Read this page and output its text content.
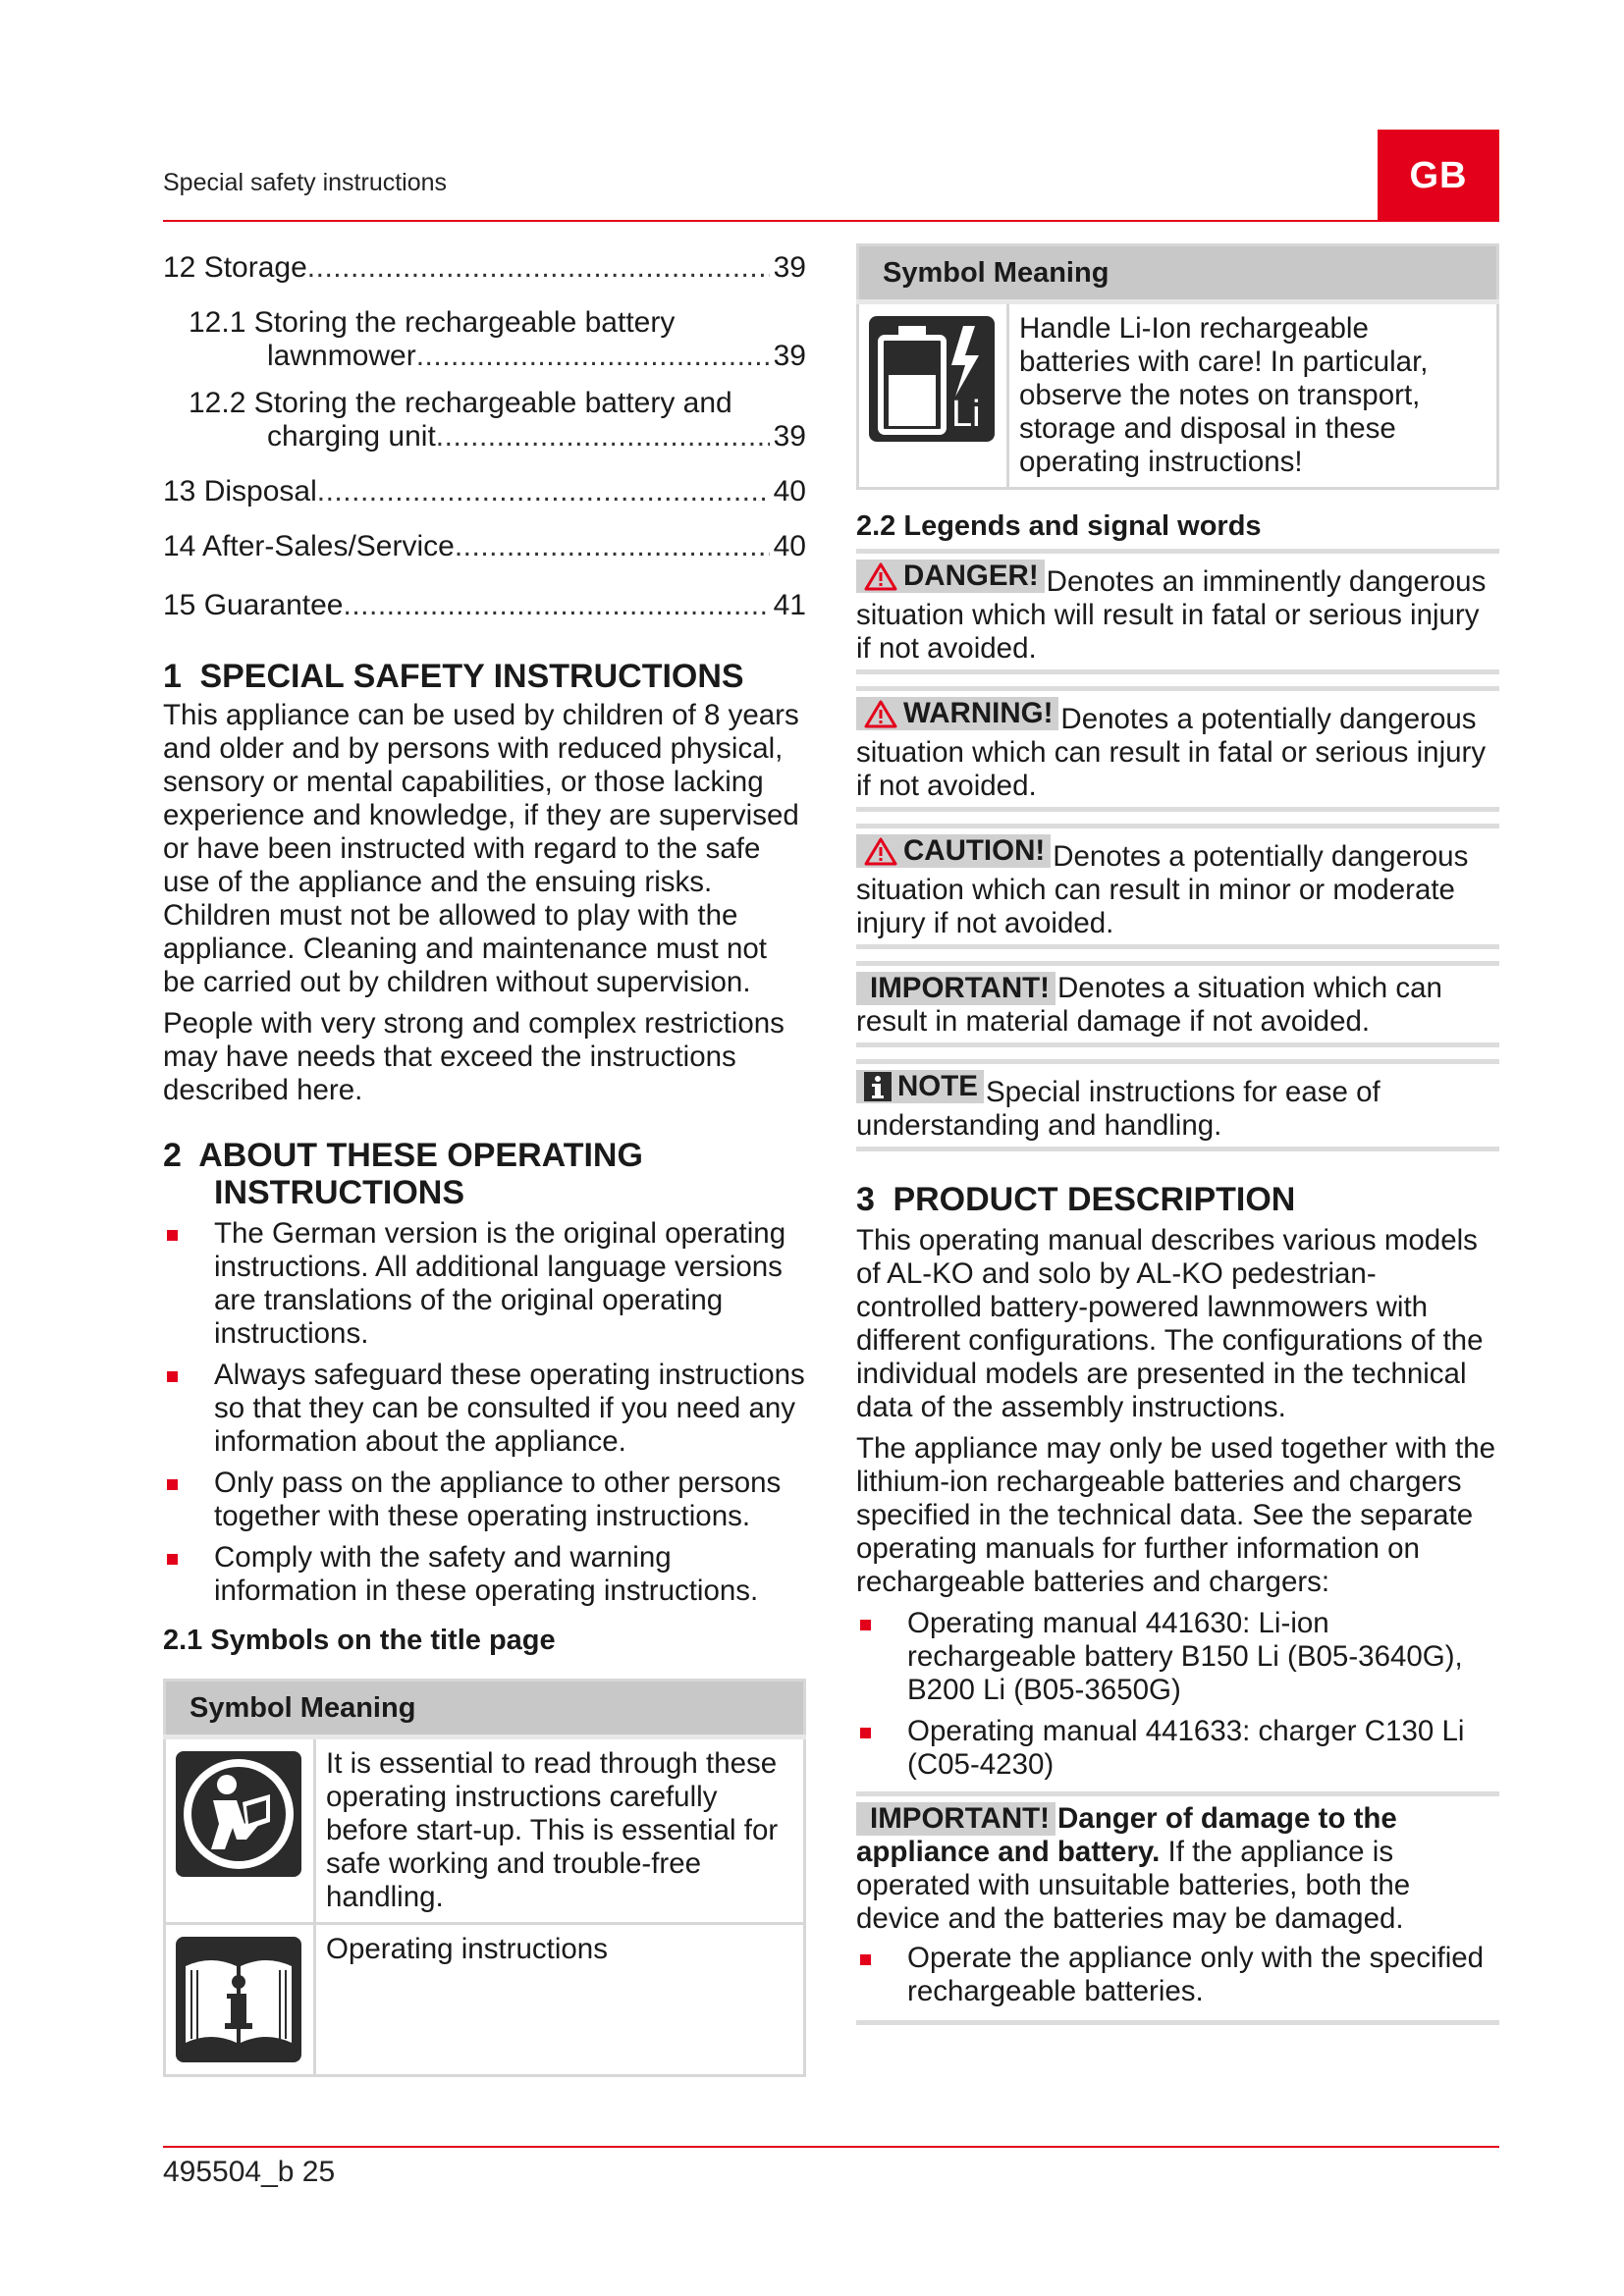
Special safety instructions	GB
12 Storage .....	39
12.1 Storing the rechargeable battery
lawnmower .....	39
12.2 Storing the rechargeable battery and
charging unit .....	39
13 Disposal .....	40
14 After-Sales/Service .....	40
15 Guarantee .....	41
1 SPECIAL SAFETY INSTRUCTIONS

This appliance can be used by children of 8 years and older and by persons with reduced physical, sensory or mental capabilities, or those lacking experience and knowledge, if they are supervised or have been instructed with regard to the safe use of the appliance and the ensuing risks. Children must not be allowed to play with the appliance. Cleaning and maintenance must not be carried out by children without supervision.

People with very strong and complex restrictions may have needs that exceed the instructions described here.

2 ABOUT THESE OPERATING
INSTRUCTIONS
The German version is the original operating instructions. All additional language versions are translations of the original operating instructions.
Always safeguard these operating instructions so that they can be consulted if you need any information about the appliance.
Only pass on the appliance to other persons together with these operating instructions.
Comply with the safety and warning information in these operating instructions.
2.1 Symbols on the title page
Symbol Meaning	

	It is essential to read through these operating instructions carefully before start-up. This is essential for safe working and trouble-free handling.

	Operating instructions
Symbol Meaning

Li
	Handle Li-Ion rechargeable batteries with care! In particular, observe the notes on transport, storage and disposal in these operating instructions!
2.2 Legends and signal words
DANGER! Denotes an imminently dangerous situation which will result in fatal or serious injury if not avoided.
WARNING! Denotes a potentially dangerous situation which can result in fatal or serious injury if not avoided.
CAUTION! Denotes a potentially dangerous situation which can result in minor or moderate injury if not avoided.
IMPORTANT! Denotes a situation which can result in material damage if not avoided.
NOTE Special instructions for ease of understanding and handling.
3 PRODUCT DESCRIPTION

This operating manual describes various models of AL-KO and solo by AL-KO pedestrian-controlled battery-powered lawnmowers with different configurations. The configurations of the individual models are presented in the technical data of the assembly instructions.

The appliance may only be used together with the lithium-ion rechargeable batteries and chargers specified in the technical data. See the separate operating manuals for further information on rechargeable batteries and chargers:

Operating manual 441630: Li-ion rechargeable battery B150 Li (B05-3640G), B200 Li (B05-3650G)
Operating manual 441633: charger C130 Li (C05-4230)
IMPORTANT! Danger of damage to the appliance and battery. If the appliance is operated with unsuitable batteries, both the device and the batteries may be damaged.
Operate the appliance only with the specified rechargeable batteries.
495504_b 25
